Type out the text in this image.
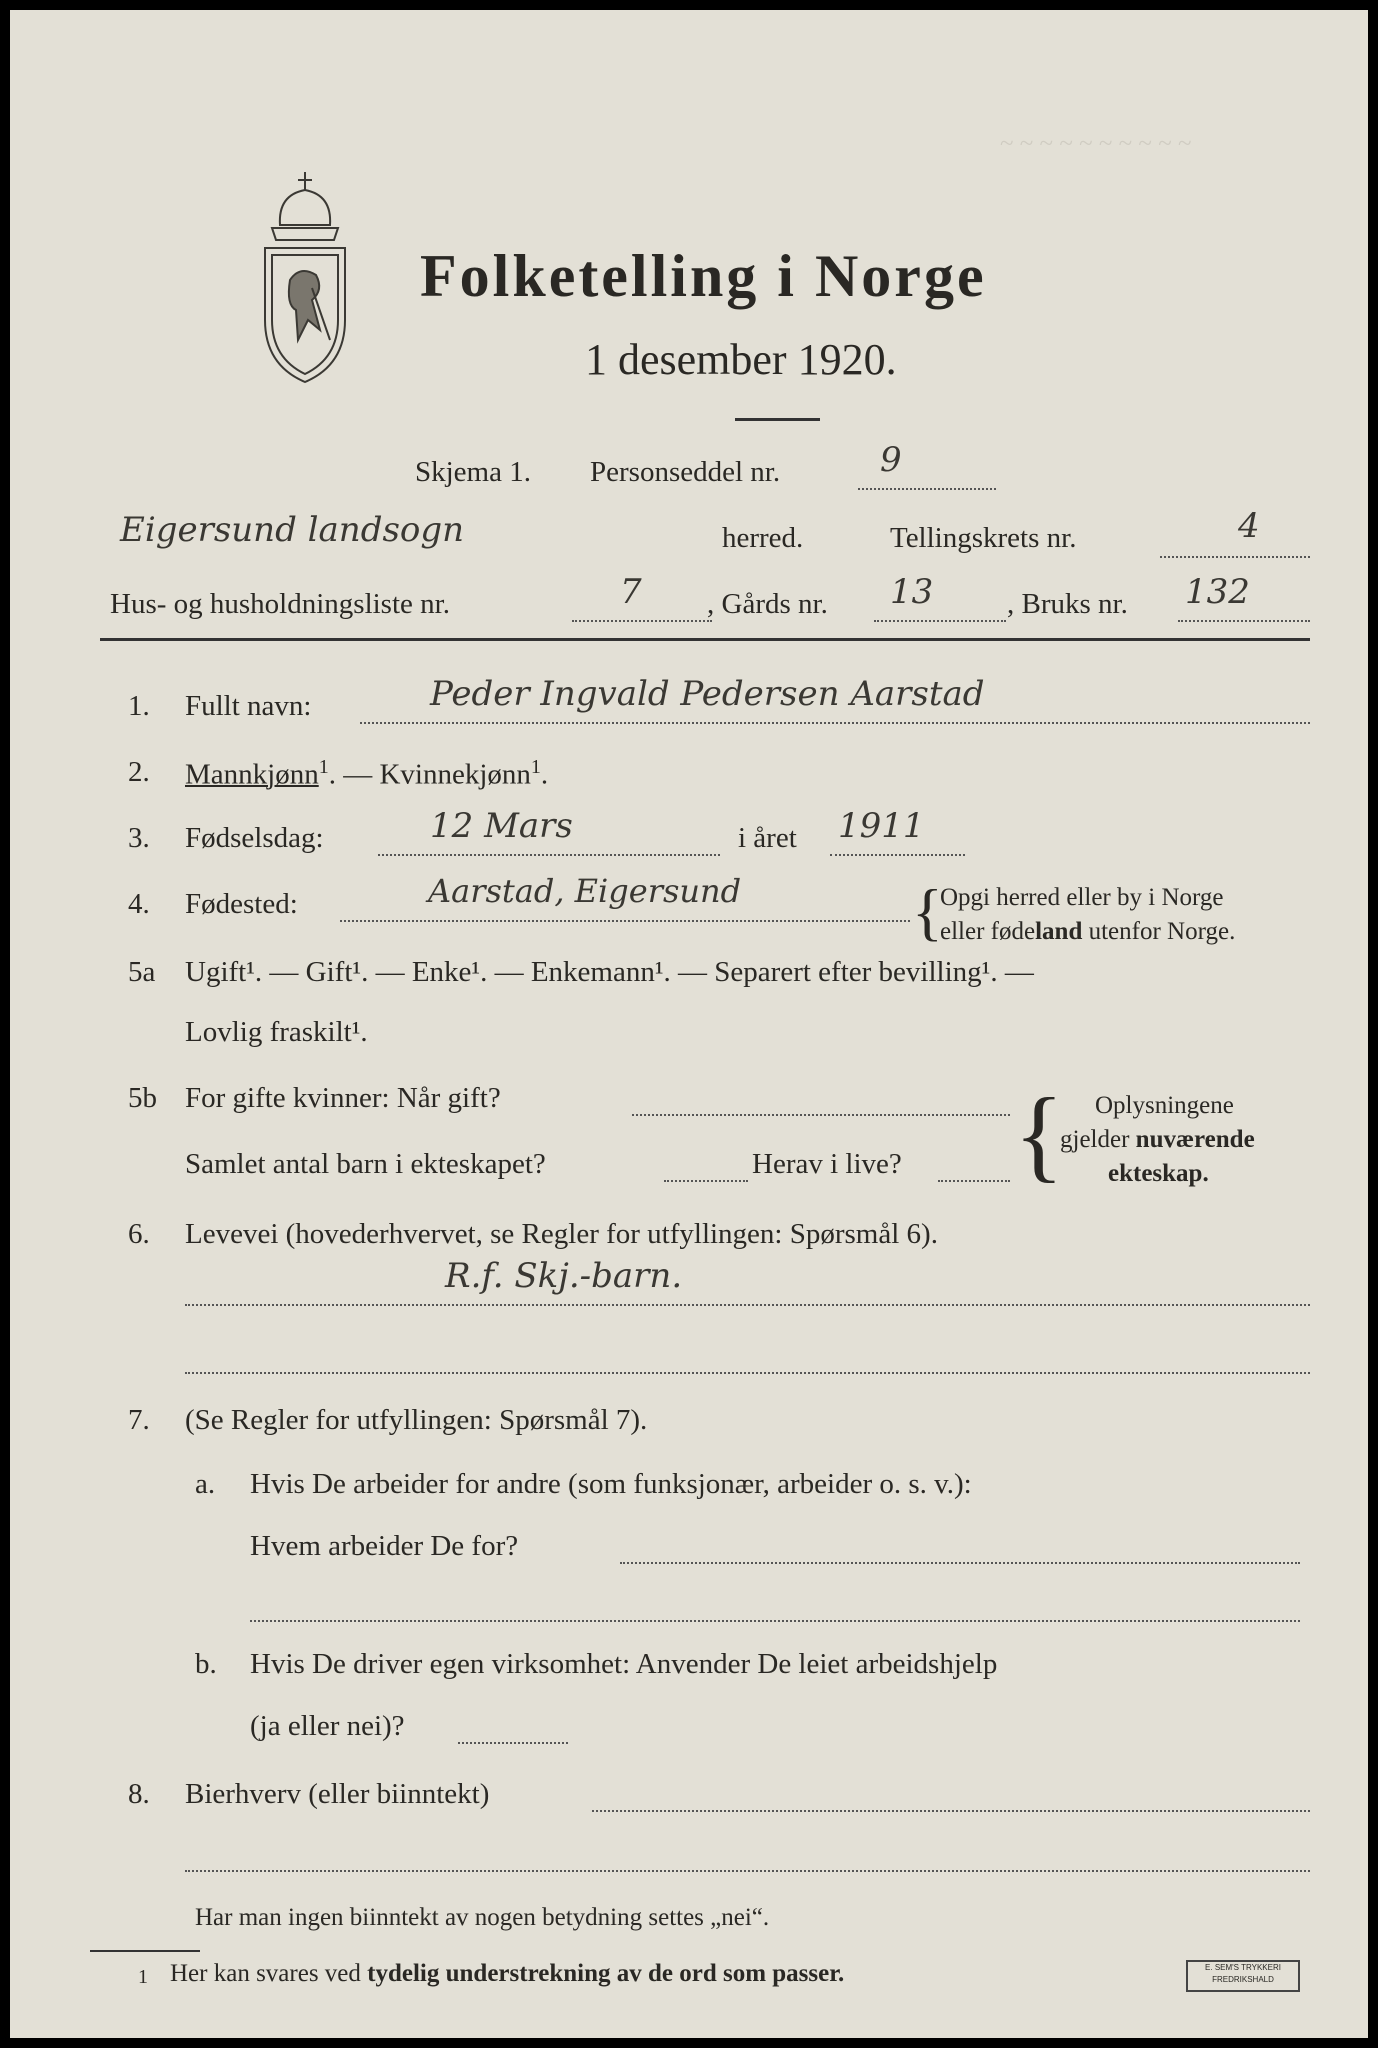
~ ~ ~ ~ ~ ~ ~ ~ ~ ~
Folketelling i Norge
1 desember 1920.
Skjema 1. Personseddel nr.	9
Eigersund landsogn	herred.	Tellingskrets nr.	4
Hus- og husholdningsliste nr.	7 , Gårds nr. 13	, Bruks nr. 132
1. Fullt navn:	Peder Ingvald Pedersen Aarstad
2. Mannkjønn$^1$. — Kvinnekjønn$^1$.
3. Fødselsdag:	12 Mars	i året 1911
4. Fødested:	Aarstad, Eigersund	{
Opgi herred eller by i Norge
eller fødeland utenfor Norge.
5a Ugift¹. — Gift¹. — Enke¹. — Enkemann¹. — Separert efter bevilling¹. —
Lovlig fraskilt¹.
5b For gifte kvinner: Når gift?
Samlet antal barn i ekteskapet?	Herav i live? { Oplysningene
gjelder nuværende
ekteskap.
6. Levevei (hovederhvervet, se Regler for utfyllingen: Spørsmål 6).
R.f. Skj.-barn.
7. (Se Regler for utfyllingen: Spørsmål 7).
a. Hvis De arbeider for andre (som funksjonær, arbeider o. s. v.):
Hvem arbeider De for?
b. Hvis De driver egen virksomhet: Anvender De leiet arbeidshjelp
(ja eller nei)?
8. Bierhverv (eller biinntekt)
Har man ingen biinntekt av nogen betydning settes „nei“.
1 Her kan svares ved tydelig understrekning av de ord som passer.	E. SEM'S TRYKKERI FREDRIKSHALD
